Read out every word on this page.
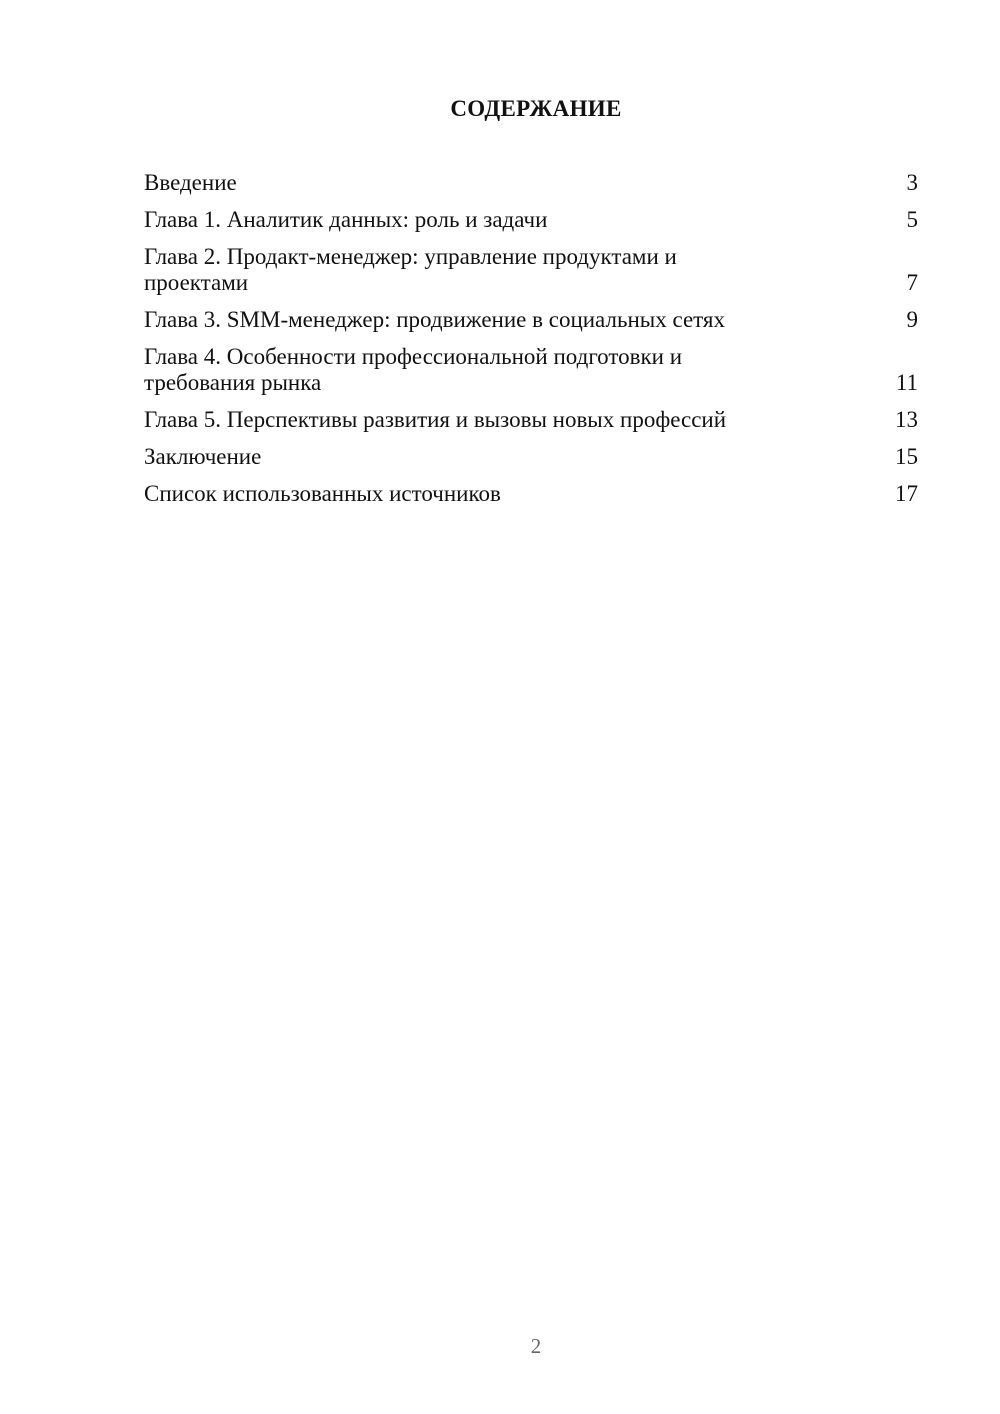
СОДЕРЖАНИЕ
Введение	3
Глава 1. Аналитик данных: роль и задачи	5
Глава 2. Продакт-менеджер: управление продуктами и проектами	7
Глава 3. SMM-менеджер: продвижение в социальных сетях	9
Глава 4. Особенности профессиональной подготовки и требования рынка	11
Глава 5. Перспективы развития и вызовы новых профессий	13
Заключение	15
Список использованных источников	17
2
